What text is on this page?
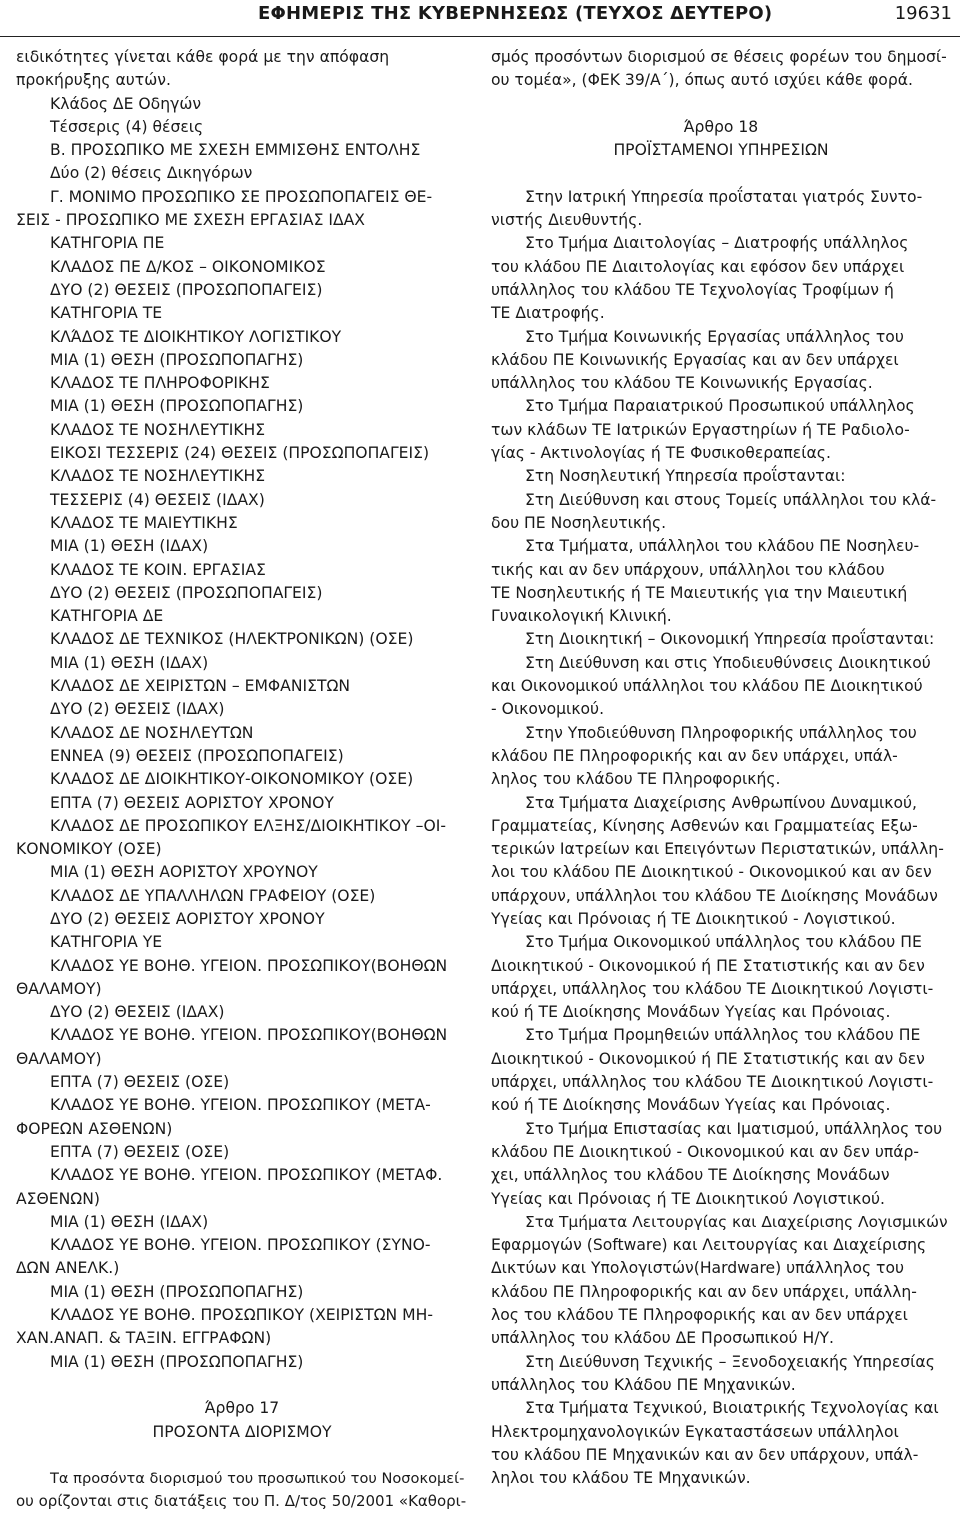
ΕΦΗΜΕΡΙΣ ΤΗΣ ΚΥΒΕΡΝΗΣΕΩΣ (ΤΕΥΧΟΣ ΔΕΥΤΕΡΟ)	19631
ειδικότητες γίνεται κάθε φορά με την απόφαση
προκήρυξης αυτών.
Κλάδος ΔΕ Οδηγών
Τέσσερις (4) θέσεις
Β. ΠΡΟΣΩΠΙΚΟ ΜΕ ΣΧΕΣΗ ΕΜΜΙΣΘΗΣ ΕΝΤΟΛΗΣ
Δύο (2) θέσεις Δικηγόρων
Γ. ΜΟΝΙΜΟ ΠΡΟΣΩΠΙΚΟ ΣΕ ΠΡΟΣΩΠΟΠΑΓΕΙΣ ΘΕ-
ΣΕΙΣ - ΠΡΟΣΩΠΙΚΟ ΜΕ ΣΧΕΣΗ ΕΡΓΑΣΙΑΣ ΙΔΑΧ
ΚΑΤΗΓΟΡΙΑ ΠΕ
ΚΛΑΔΟΣ ΠΕ Δ/ΚΟΣ – ΟΙΚΟΝΟΜΙΚΟΣ
ΔΥΟ (2) ΘΕΣΕΙΣ (ΠΡΟΣΩΠΟΠΑΓΕΙΣ)
ΚΑΤΗΓΟΡΙΑ ΤΕ
ΚΛΆΔΟΣ ΤΕ ΔΙΟΙΚΗΤΙΚΟΥ ΛΟΓΙΣΤΙΚΟΥ
ΜΙΑ (1) ΘΕΣΗ (ΠΡΟΣΩΠΟΠΑΓΗΣ)
ΚΛΑΔΟΣ ΤΕ ΠΛΗΡΟΦΟΡΙΚΗΣ
ΜΙΑ (1) ΘΕΣΗ (ΠΡΟΣΩΠΟΠΑΓΗΣ)
ΚΛΑΔΟΣ ΤΕ ΝΟΣΗΛΕΥΤΙΚΗΣ
ΕΙΚΟΣΙ ΤΕΣΣΕΡΙΣ (24) ΘΕΣΕΙΣ (ΠΡΟΣΩΠΟΠΑΓΕΙΣ)
ΚΛΑΔΟΣ ΤΕ ΝΟΣΗΛΕΥΤΙΚΗΣ
ΤΕΣΣΕΡΙΣ (4) ΘΕΣΕΙΣ (ΙΔΑΧ)
ΚΛΑΔΟΣ ΤΕ ΜΑΙΕΥΤΙΚΗΣ
ΜΙΑ (1) ΘΕΣΗ (ΙΔΑΧ)
ΚΛΑΔΟΣ ΤΕ ΚΟΙΝ. ΕΡΓΑΣΙΑΣ
ΔΥΟ (2) ΘΕΣΕΙΣ (ΠΡΟΣΩΠΟΠΑΓΕΙΣ)
ΚΑΤΗΓΟΡΙΑ ΔΕ
ΚΛΑΔΟΣ ΔΕ ΤΕΧΝΙΚΟΣ (ΗΛΕΚΤΡΟΝΙΚΩΝ) (ΟΣΕ)
ΜΙΑ (1) ΘΕΣΗ (ΙΔΑΧ)
ΚΛΑΔΟΣ ΔΕ ΧΕΙΡΙΣΤΩΝ – ΕΜΦΑΝΙΣΤΩΝ
ΔΥΟ (2) ΘΕΣΕΙΣ (ΙΔΑΧ)
ΚΛΑΔΟΣ ΔΕ ΝΟΣΗΛΕΥΤΩΝ
ΕΝΝΕΑ (9) ΘΕΣΕΙΣ (ΠΡΟΣΩΠΟΠΑΓΕΙΣ)
ΚΛΑΔΟΣ ΔΕ ΔΙΟΙΚΗΤΙΚΟΥ-ΟΙΚΟΝΟΜΙΚΟΥ (ΟΣΕ)
ΕΠΤΑ (7) ΘΕΣΕΙΣ ΑΟΡΙΣΤΟΥ ΧΡΟΝΟΥ
ΚΛΑΔΟΣ ΔΕ ΠΡΟΣΩΠΙΚΟΥ ΕΛΞΗΣ/ΔΙΟΙΚΗΤΙΚΟΥ –ΟΙ-
ΚΟΝΟΜΙΚΟΥ (ΟΣΕ)
ΜΙΑ (1) ΘΕΣΗ ΑΟΡΙΣΤΟΥ ΧΡΟΥΝΟΥ
ΚΛΑΔΟΣ ΔΕ ΥΠΑΛΛΗΛΩΝ ΓΡΑΦΕΙΟΥ (ΟΣΕ)
ΔΥΟ (2) ΘΕΣΕΙΣ ΑΟΡΙΣΤΟΥ ΧΡΟΝΟΥ
ΚΑΤΗΓΟΡΙΑ ΥΕ
ΚΛΑΔΟΣ ΥΕ ΒΟΗΘ. ΥΓΕΙΟΝ. ΠΡΟΣΩΠΙΚΟΥ(ΒΟΗΘΩΝ
ΘΑΛΑΜΟΥ)
ΔΥΟ (2) ΘΕΣΕΙΣ (ΙΔΑΧ)
ΚΛΑΔΟΣ ΥΕ ΒΟΗΘ. ΥΓΕΙΟΝ. ΠΡΟΣΩΠΙΚΟΥ(ΒΟΗΘΩΝ
ΘΑΛΑΜΟΥ)
ΕΠΤΑ (7) ΘΕΣΕΙΣ (ΟΣΕ)
ΚΛΑΔΟΣ ΥΕ ΒΟΗΘ. ΥΓΕΙΟΝ. ΠΡΟΣΩΠΙΚΟΥ (ΜΕΤΑ-
ΦΟΡΕΩΝ ΑΣΘΕΝΩΝ)
ΕΠΤΑ (7) ΘΕΣΕΙΣ (ΟΣΕ)
ΚΛΑΔΟΣ ΥΕ ΒΟΗΘ. ΥΓΕΙΟΝ. ΠΡΟΣΩΠΙΚΟΥ (ΜΕΤΑΦ.
ΑΣΘΕΝΩΝ)
ΜΙΑ (1) ΘΕΣΗ (ΙΔΑΧ)
ΚΛΑΔΟΣ ΥΕ ΒΟΗΘ. ΥΓΕΙΟΝ. ΠΡΟΣΩΠΙΚΟΥ (ΣΥΝΟ-
ΔΩΝ ΑΝΕΛΚ.)
ΜΙΑ (1) ΘΕΣΗ (ΠΡΟΣΩΠΟΠΑΓΗΣ)
ΚΛΑΔΟΣ ΥΕ ΒΟΗΘ. ΠΡΟΣΩΠΙΚΟΥ (ΧΕΙΡΙΣΤΩΝ ΜΗ-
ΧΑΝ.ΑΝΑΠ. & ΤΑΞΙΝ. ΕΓΓΡΑΦΩΝ)
ΜΙΑ (1) ΘΕΣΗ (ΠΡΟΣΩΠΟΠΑΓΗΣ)
Άρθρο 17
ΠΡΟΣΟΝΤΑ ΔΙΟΡΙΣΜΟΥ
Τα προσόντα διορισμού του προσωπικού του Νοσοκομεί-
ου ορίζονται στις διατάξεις του Π. Δ/τος 50/2001 «Καθορι-
σμός προσόντων διορισμού σε θέσεις φορέων του δημοσί-
ου τομέα», (ΦΕΚ 39/Α΄), όπως αυτό ισχύει κάθε φορά.
Άρθρο 18
ΠΡΟΪΣΤΑΜΕΝΟΙ ΥΠΗΡΕΣΙΩΝ
Στην Ιατρική Υπηρεσία προΐσταται γιατρός Συντο-
νιστής Διευθυντής.
Στο Τμήμα Διαιτολογίας – Διατροφής υπάλληλος
του κλάδου ΠΕ Διαιτολογίας και εφόσον δεν υπάρχει
υπάλληλος του κλάδου ΤΕ Τεχνολογίας Τροφίμων ή
ΤΕ Διατροφής.
Στο Τμήμα Κοινωνικής Εργασίας υπάλληλος του
κλάδου ΠΕ Κοινωνικής Εργασίας και αν δεν υπάρχει
υπάλληλος του κλάδου ΤΕ Κοινωνικής Εργασίας.
Στο Τμήμα Παραιατρικού Προσωπικού υπάλληλος
των κλάδων ΤΕ Ιατρικών Εργαστηρίων ή ΤΕ Ραδιολο-
γίας - Ακτινολογίας ή ΤΕ Φυσικοθεραπείας.
Στη Νοσηλευτική Υπηρεσία προΐστανται:
Στη Διεύθυνση και στους Τομείς υπάλληλοι του κλά-
δου ΠΕ Νοσηλευτικής.
Στα Τμήματα, υπάλληλοι του κλάδου ΠΕ Νοσηλευ-
τικής και αν δεν υπάρχουν, υπάλληλοι του κλάδου
ΤΕ Νοσηλευτικής ή ΤΕ Μαιευτικής για την Μαιευτική
Γυναικολογική Κλινική.
Στη Διοικητική – Οικονομική Υπηρεσία προΐστανται:
Στη Διεύθυνση και στις Υποδιευθύνσεις Διοικητικού
και Οικονομικού υπάλληλοι του κλάδου ΠΕ Διοικητικού
- Οικονομικού.
Στην Υποδιεύθυνση Πληροφορικής υπάλληλος του
κλάδου ΠΕ Πληροφορικής και αν δεν υπάρχει, υπάλ-
ληλος του κλάδου ΤΕ Πληροφορικής.
Στα Τμήματα Διαχείρισης Ανθρωπίνου Δυναμικού,
Γραμματείας, Κίνησης Ασθενών και Γραμματείας Εξω-
τερικών Ιατρείων και Επειγόντων Περιστατικών, υπάλλη-
λοι του κλάδου ΠΕ Διοικητικού - Οικονομικού και αν δεν
υπάρχουν, υπάλληλοι του κλάδου ΤΕ Διοίκησης Μονάδων
Υγείας και Πρόνοιας ή ΤΕ Διοικητικού - Λογιστικού.
Στο Τμήμα Οικονομικού υπάλληλος του κλάδου ΠΕ
Διοικητικού - Οικονομικού ή ΠΕ Στατιστικής και αν δεν
υπάρχει, υπάλληλος του κλάδου ΤΕ Διοικητικού Λογιστι-
κού ή ΤΕ Διοίκησης Μονάδων Υγείας και Πρόνοιας.
Στο Τμήμα Προμηθειών υπάλληλος του κλάδου ΠΕ
Διοικητικού - Οικονομικού ή ΠΕ Στατιστικής και αν δεν
υπάρχει, υπάλληλος του κλάδου ΤΕ Διοικητικού Λογιστι-
κού ή ΤΕ Διοίκησης Μονάδων Υγείας και Πρόνοιας.
Στο Τμήμα Επιστασίας και Ιματισμού, υπάλληλος του
κλάδου ΠΕ Διοικητικού - Οικονομικού και αν δεν υπάρ-
χει, υπάλληλος του κλάδου ΤΕ Διοίκησης Μονάδων
Υγείας και Πρόνοιας ή ΤΕ Διοικητικού Λογιστικού.
Στα Τμήματα Λειτουργίας και Διαχείρισης Λογισμικών
Εφαρμογών (Software) και Λειτουργίας και Διαχείρισης
Δικτύων και Υπολογιστών(Hardware) υπάλληλος του
κλάδου ΠΕ Πληροφορικής και αν δεν υπάρχει, υπάλλη-
λος του κλάδου ΤΕ Πληροφορικής και αν δεν υπάρχει
υπάλληλος του κλάδου ΔΕ Προσωπικού Η/Υ.
Στη Διεύθυνση Τεχνικής – Ξενοδοχειακής Υπηρεσίας
υπάλληλος του Κλάδου ΠΕ Μηχανικών.
Στα Τμήματα Τεχνικού, Βιοιατρικής Τεχνολογίας και
Ηλεκτρομηχανολογικών Εγκαταστάσεων υπάλληλοι
του κλάδου ΠΕ Μηχανικών και αν δεν υπάρχουν, υπάλ-
ληλοι του κλάδου ΤΕ Μηχανικών.
